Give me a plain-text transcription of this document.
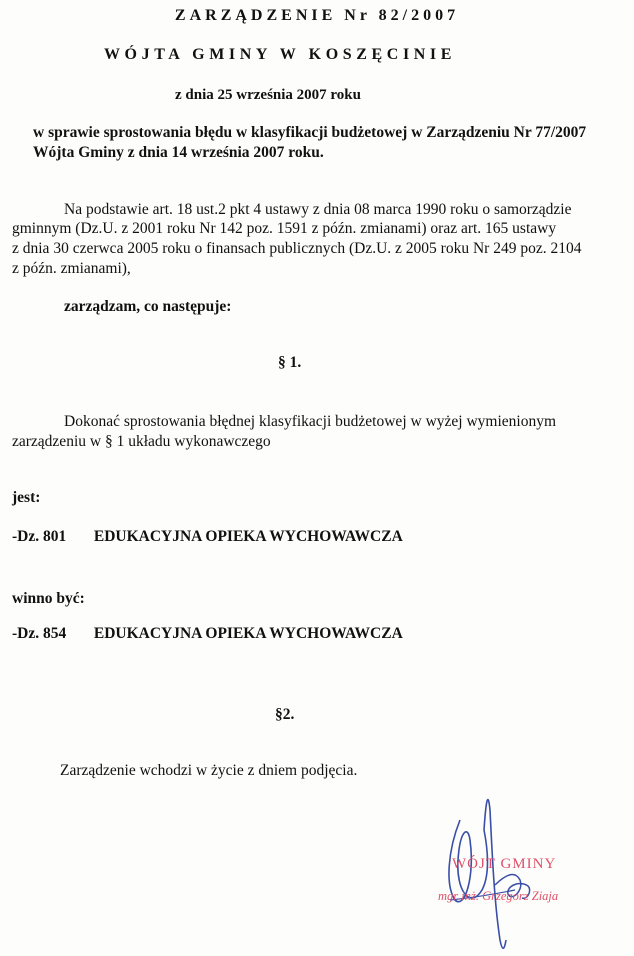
ZARZĄDZENIE Nr 82/2007
WÓJTA GMINY W KOSZĘCINIE
z dnia 25 września 2007 roku
w sprawie sprostowania błędu w klasyfikacji budżetowej w Zarządzeniu Nr 77/2007
Wójta Gminy z dnia 14 września 2007 roku.
Na podstawie art. 18 ust.2 pkt 4 ustawy z dnia 08 marca 1990 roku o samorządzie
gminnym (Dz.U. z 2001 roku Nr 142 poz. 1591 z późn. zmianami) oraz art. 165 ustawy
z dnia 30 czerwca 2005 roku o finansach publicznych (Dz.U. z 2005 roku Nr 249 poz. 2104
z późn. zmianami),
zarządzam, co następuje:
§ 1.
Dokonać sprostowania błędnej klasyfikacji budżetowej w wyżej wymienionym
zarządzeniu w § 1 układu wykonawczego
jest:
-Dz. 801 EDUKACYJNA OPIEKA WYCHOWAWCZA
winno być:
-Dz. 854 EDUKACYJNA OPIEKA WYCHOWAWCZA
§2.
Zarządzenie wchodzi w życie z dniem podjęcia.
WÓJT GMINY
mgr inż. Grzegorz Ziaja
